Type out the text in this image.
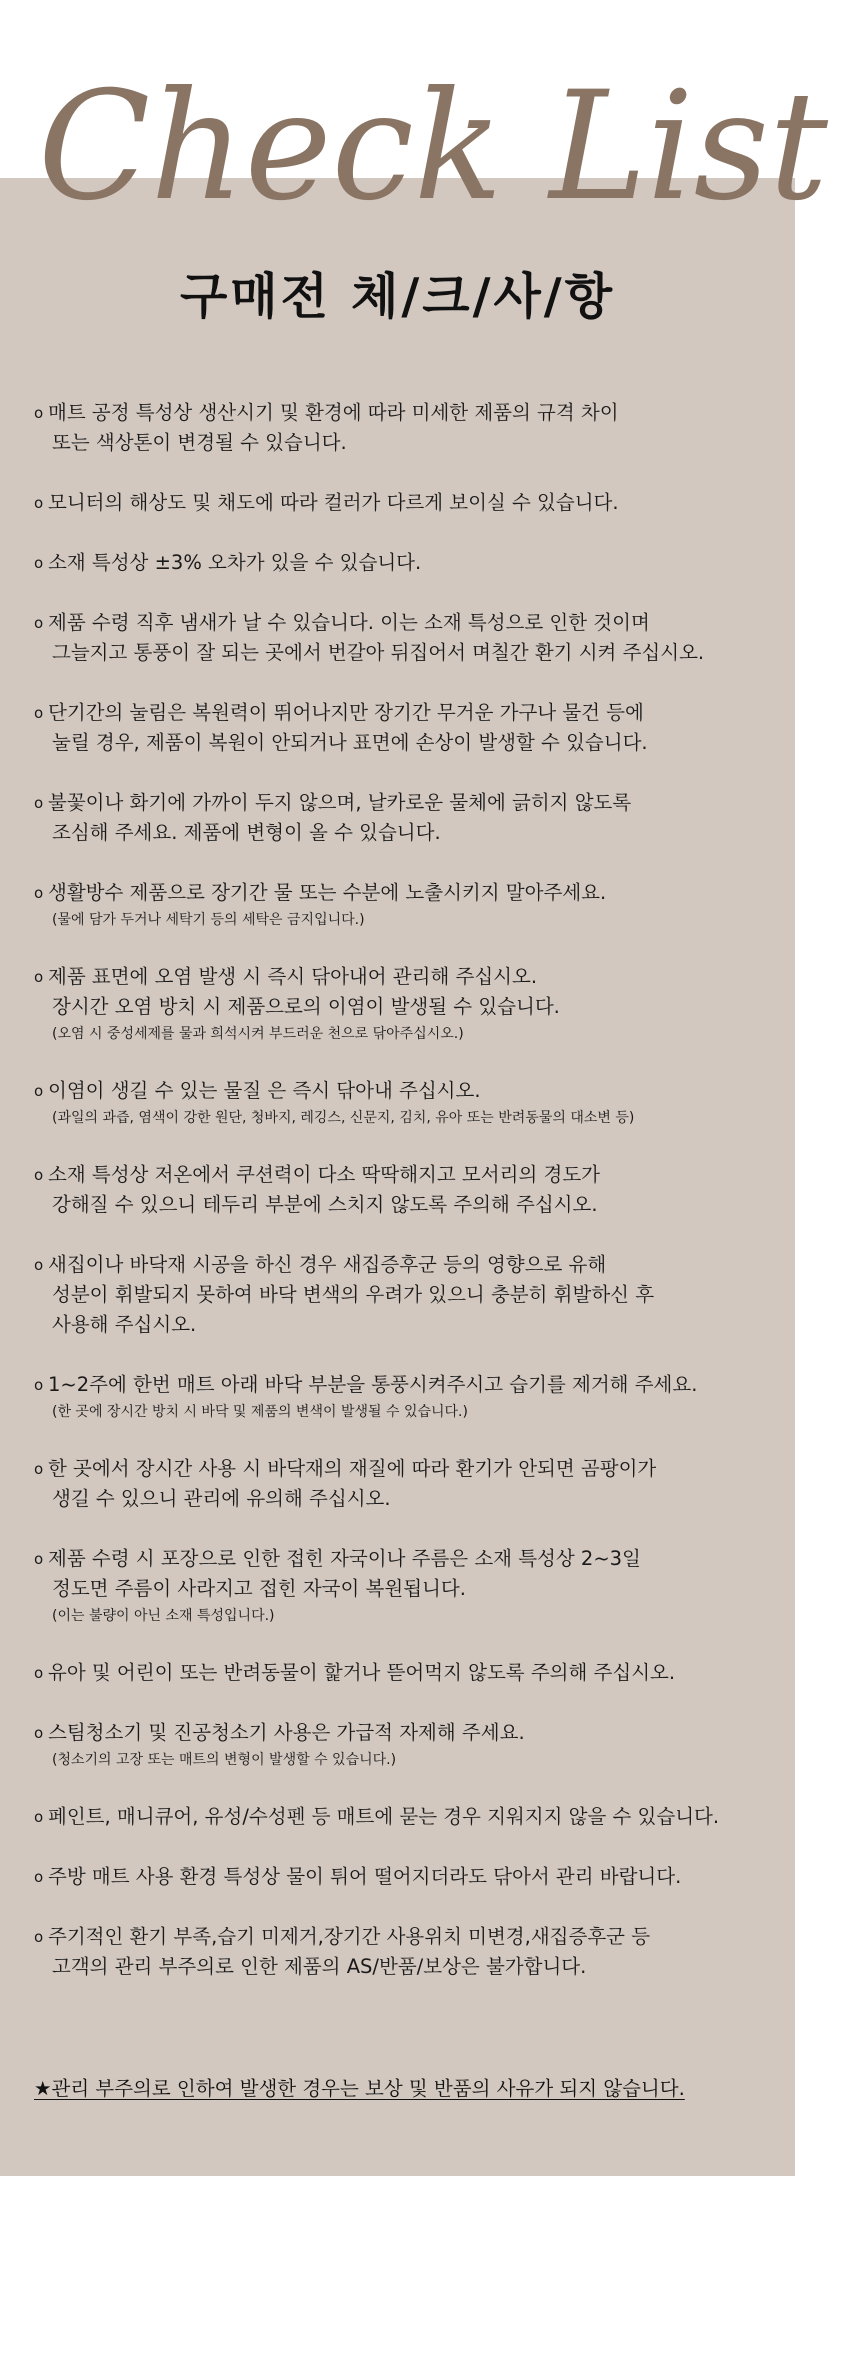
Check List
구매전 체/크/사/항
o 매트 공정 특성상 생산시기 및 환경에 따라 미세한 제품의 규격 차이
또는 색상톤이 변경될 수 있습니다.
o 모니터의 해상도 및 채도에 따라 컬러가 다르게 보이실 수 있습니다.
o 소재 특성상 ±3% 오차가 있을 수 있습니다.
o 제품 수령 직후 냄새가 날 수 있습니다. 이는 소재 특성으로 인한 것이며
그늘지고 통풍이 잘 되는 곳에서 번갈아 뒤집어서 며칠간 환기 시켜 주십시오.
o 단기간의 눌림은 복원력이 뛰어나지만 장기간 무거운 가구나 물건 등에
눌릴 경우, 제품이 복원이 안되거나 표면에 손상이 발생할 수 있습니다.
o 불꽃이나 화기에 가까이 두지 않으며, 날카로운 물체에 긁히지 않도록
조심해 주세요. 제품에 변형이 올 수 있습니다.
o 생활방수 제품으로 장기간 물 또는 수분에 노출시키지 말아주세요.
(물에 담가 두거나 세탁기 등의 세탁은 금지입니다.)
o 제품 표면에 오염 발생 시 즉시 닦아내어 관리해 주십시오.
장시간 오염 방치 시 제품으로의 이염이 발생될 수 있습니다.
(오염 시 중성세제를 물과 희석시켜 부드러운 천으로 닦아주십시오.)
o 이염이 생길 수 있는 물질 은 즉시 닦아내 주십시오.
(과일의 과즙, 염색이 강한 원단, 청바지, 레깅스, 신문지, 김치, 유아 또는 반려동물의 대소변 등)
o 소재 특성상 저온에서 쿠션력이 다소 딱딱해지고 모서리의 경도가
강해질 수 있으니 테두리 부분에 스치지 않도록 주의해 주십시오.
o 새집이나 바닥재 시공을 하신 경우 새집증후군 등의 영향으로 유해
성분이 휘발되지 못하여 바닥 변색의 우려가 있으니 충분히 휘발하신 후
사용해 주십시오.
o 1~2주에 한번 매트 아래 바닥 부분을 통풍시켜주시고 습기를 제거해 주세요.
(한 곳에 장시간 방치 시 바닥 및 제품의 변색이 발생될 수 있습니다.)
o 한 곳에서 장시간 사용 시 바닥재의 재질에 따라 환기가 안되면 곰팡이가
생길 수 있으니 관리에 유의해 주십시오.
o 제품 수령 시 포장으로 인한 접힌 자국이나 주름은 소재 특성상 2~3일
정도면 주름이 사라지고 접힌 자국이 복원됩니다.
(이는 불량이 아닌 소재 특성입니다.)
o 유아 및 어린이 또는 반려동물이 핥거나 뜯어먹지 않도록 주의해 주십시오.
o 스팀청소기 및 진공청소기 사용은 가급적 자제해 주세요.
(청소기의 고장 또는 매트의 변형이 발생할 수 있습니다.)
o 페인트, 매니큐어, 유성/수성펜 등 매트에 묻는 경우 지워지지 않을 수 있습니다.
o 주방 매트 사용 환경 특성상 물이 튀어 떨어지더라도 닦아서 관리 바랍니다.
o 주기적인 환기 부족,습기 미제거,장기간 사용위치 미변경,새집증후군 등
고객의 관리 부주의로 인한 제품의 AS/반품/보상은 불가합니다.
★관리 부주의로 인하여 발생한 경우는 보상 및 반품의 사유가 되지 않습니다.
